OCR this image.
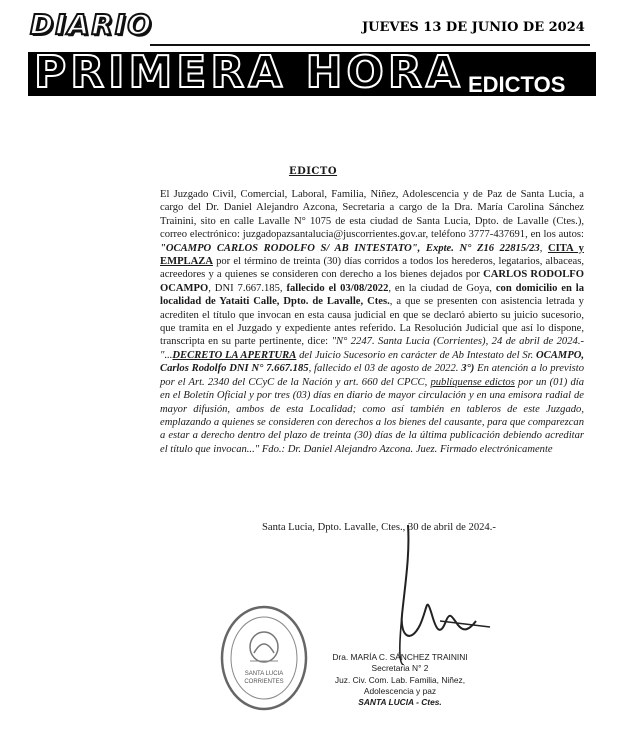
DIARIO	JUEVES 13 DE JUNIO DE 2024
PRIMERA HORA EDICTOS
EDICTO

El Juzgado Civil, Comercial, Laboral, Familia, Niñez, Adolescencia y de Paz de Santa Lucia, a cargo del Dr. Daniel Alejandro Azcona, Secretaria a cargo de la Dra. María Carolina Sánchez Trainini, sito en calle Lavalle N° 1075 de esta ciudad de Santa Lucia, Dpto. de Lavalle (Ctes.), correo electrónico: juzgadopazsantalucia@juscorrientes.gov.ar, teléfono 3777-437691, en los autos: "OCAMPO CARLOS RODOLFO S/ AB INTESTATO", Expte. N° Z16 22815/23, CITA y EMPLAZA por el término de treinta (30) días corridos a todos los herederos, legatarios, albaceas, acreedores y a quienes se consideren con derecho a los bienes dejados por CARLOS RODOLFO OCAMPO, DNI 7.667.185, fallecido el 03/08/2022, en la ciudad de Goya, con domicilio en la localidad de Yataiti Calle, Dpto. de Lavalle, Ctes., a que se presenten con asistencia letrada y acrediten el título que invocan en esta causa judicial en que se declaró abierto su juicio sucesorio, que tramita en el Juzgado y expediente antes referido. La Resolución Judicial que así lo dispone, transcripta en su parte pertinente, dice: "N° 2247. Santa Lucia (Corrientes), 24 de abril de 2024.- "...DECRETO LA APERTURA del Juicio Sucesorio en carácter de Ab Intestato del Sr. OCAMPO, Carlos Rodolfo DNI N° 7.667.185, fallecido el 03 de agosto de 2022. 3°) En atención a lo previsto por el Art. 2340 del CCyC de la Nación y art. 660 del CPCC, publíquense edictos por un (01) día en el Boletín Oficial y por tres (03) días en diario de mayor circulación y en una emisora radial de mayor difusión, ambos de esta Localidad; como así también en tableros de este Juzgado, emplazando a quienes se consideren con derechos a los bienes del causante, para que comparezcan a estar a derecho dentro del plazo de treinta (30) días de la última publicación debiendo acreditar el título que invocan..." Fdo.: Dr. Daniel Alejandro Azcona. Juez. Firmado electrónicamente

Santa Lucia, Dpto. Lavalle, Ctes., 30 de abril de 2024.-
SANTA LUCIA
CORRIENTES
Dra. MARÍA C. SÁNCHEZ TRAININI
Secretaria N° 2
Juz. Civ. Com. Lab. Familia, Niñez,
Adolescencia y paz
SANTA LUCIA - Ctes.
